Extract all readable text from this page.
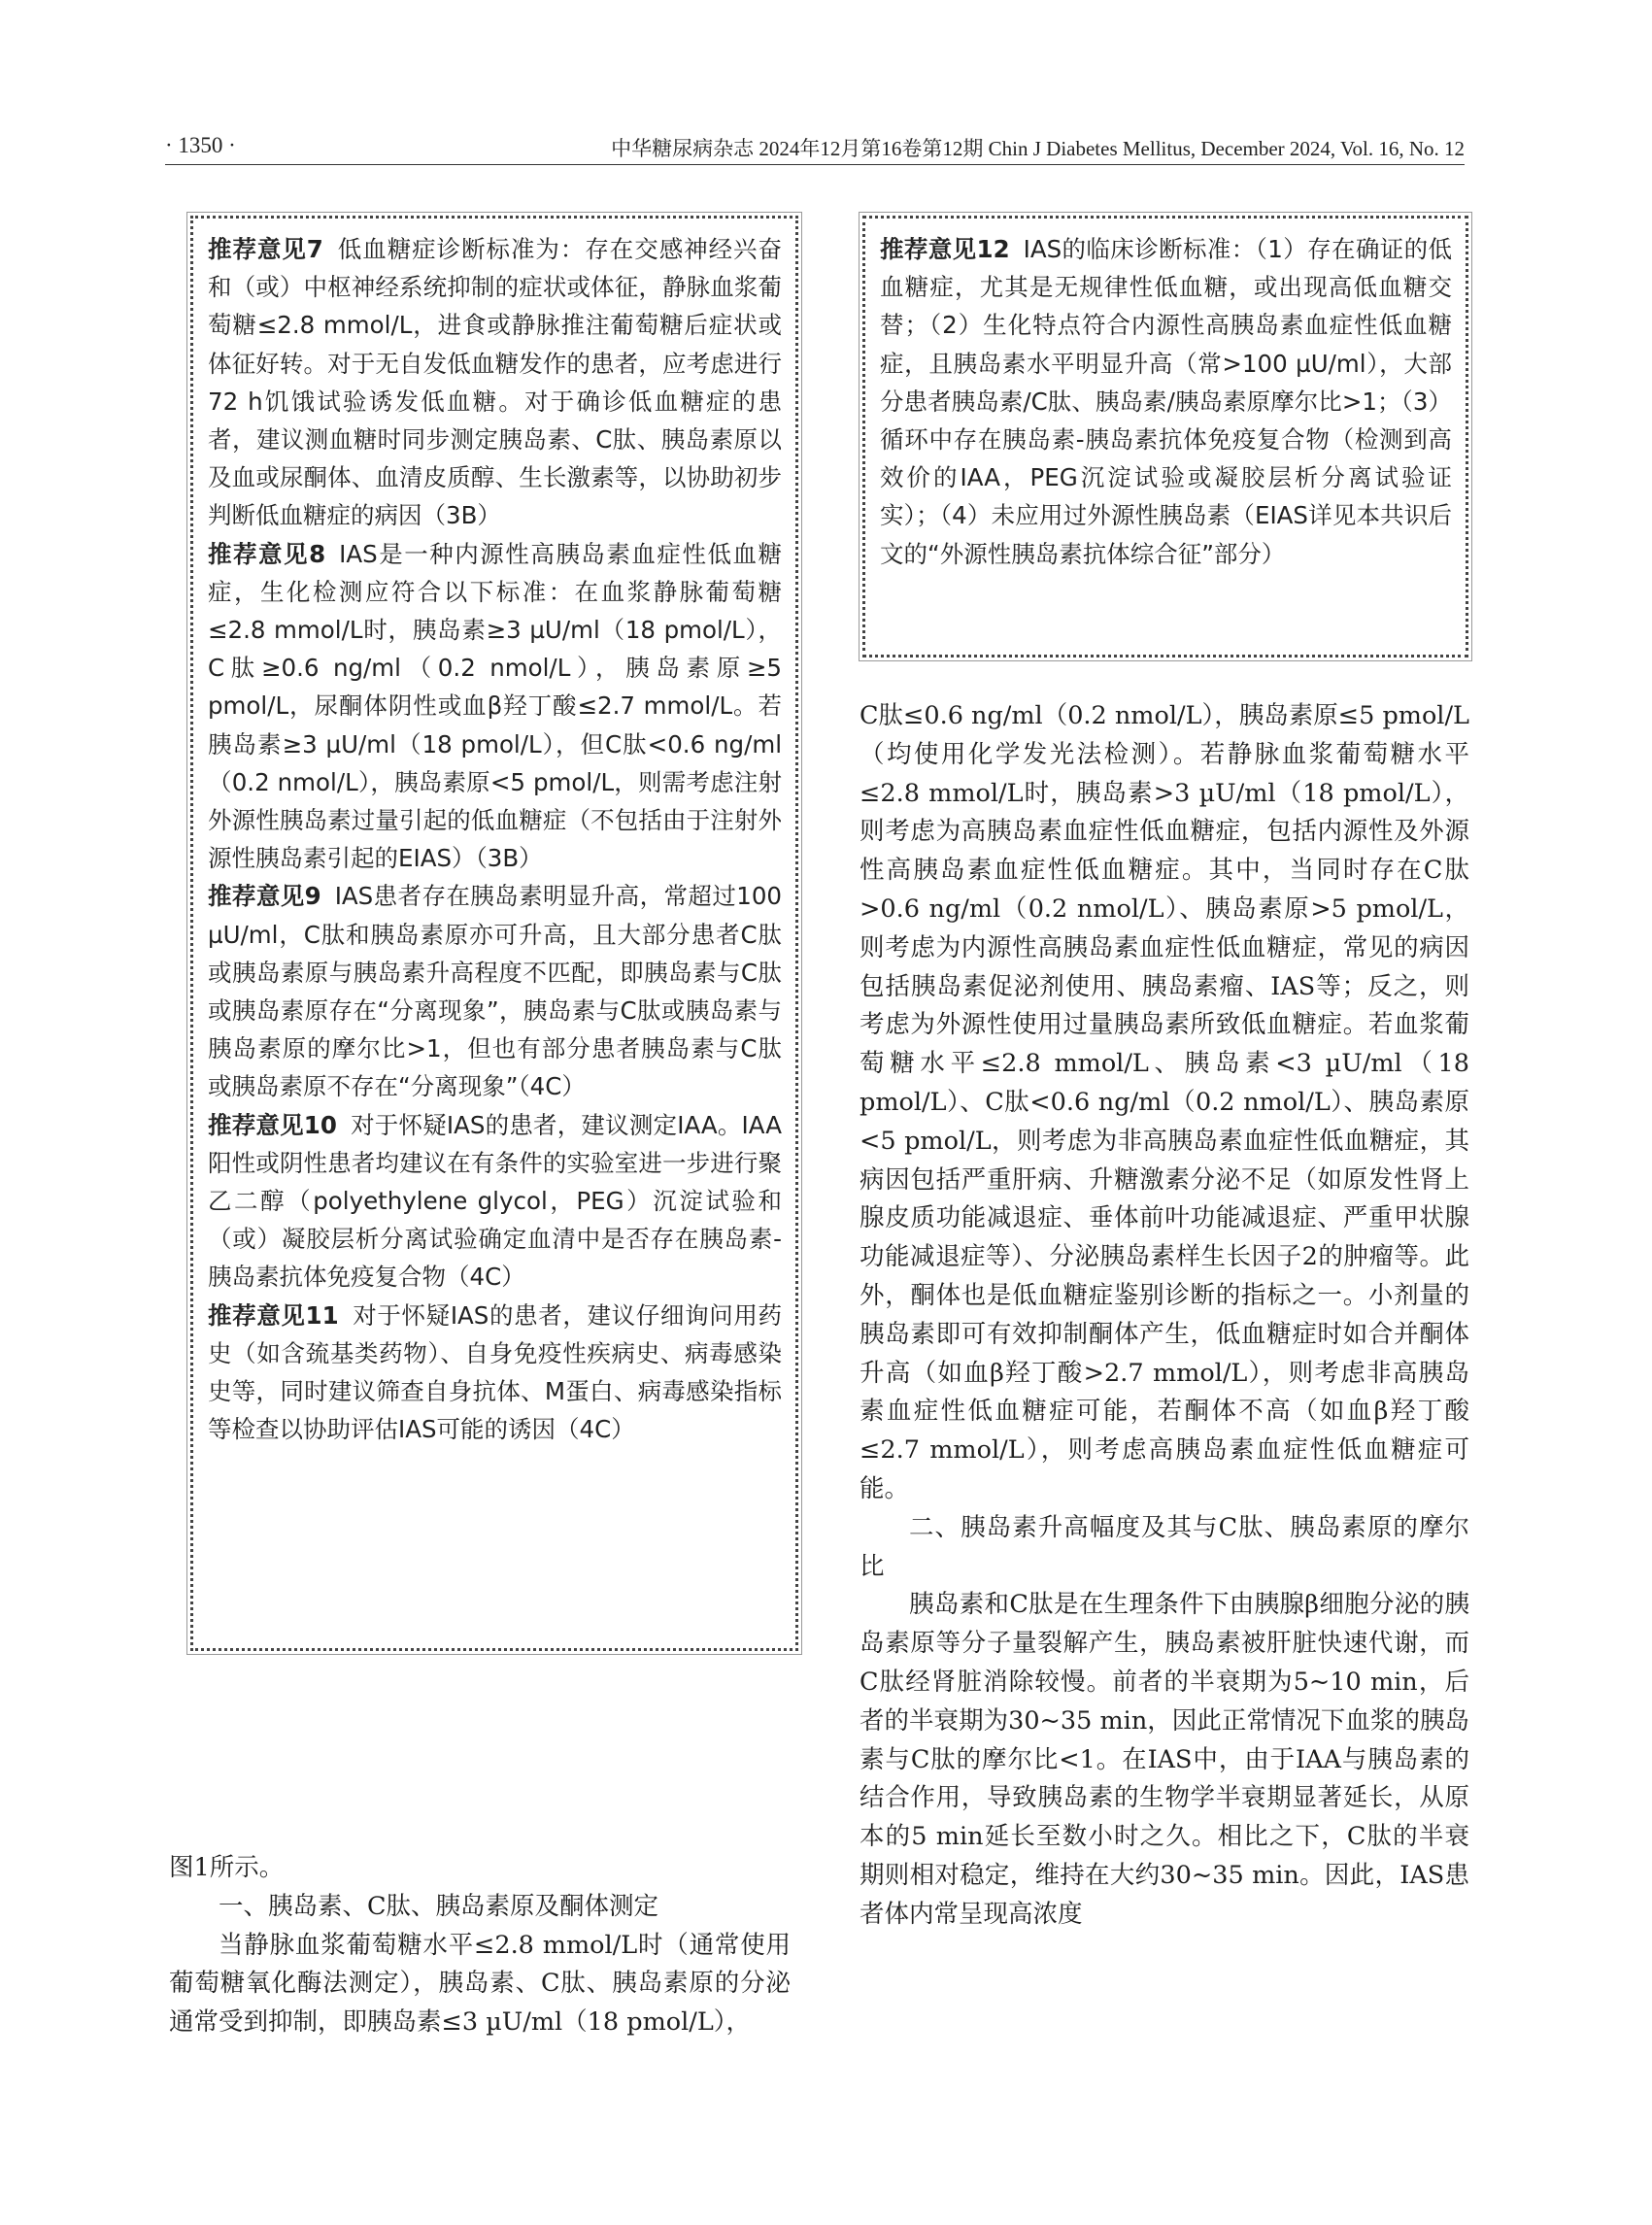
· 1350 ·	中华糖尿病杂志 2024年12月第16卷第12期 Chin J Diabetes Mellitus, December 2024, Vol. 16, No. 12

推荐意见7 低血糖症诊断标准为：存在交感神经兴奋和（或）中枢神经系统抑制的症状或体征，静脉血浆葡萄糖≤2.8 mmol/L，进食或静脉推注葡萄糖后症状或体征好转。对于无自发低血糖发作的患者，应考虑进行72 h饥饿试验诱发低血糖。对于确诊低血糖症的患者，建议测血糖时同步测定胰岛素、C肽、胰岛素原以及血或尿酮体、血清皮质醇、生长激素等，以协助初步判断低血糖症的病因（3B）

推荐意见8 IAS是一种内源性高胰岛素血症性低血糖症，生化检测应符合以下标准：在血浆静脉葡萄糖≤2.8 mmol/L时，胰岛素≥3 µU/ml（18 pmol/L），C肽≥0.6 ng/ml（0.2 nmol/L），胰岛素原≥5 pmol/L，尿酮体阴性或血β羟丁酸≤2.7 mmol/L。若胰岛素≥3 µU/ml（18 pmol/L），但C肽<0.6 ng/ml（0.2 nmol/L），胰岛素原<5 pmol/L，则需考虑注射外源性胰岛素过量引起的低血糖症（不包括由于注射外源性胰岛素引起的EIAS）（3B）

推荐意见9 IAS患者存在胰岛素明显升高，常超过100 µU/ml，C肽和胰岛素原亦可升高，且大部分患者C肽或胰岛素原与胰岛素升高程度不匹配，即胰岛素与C肽或胰岛素原存在“分离现象”，胰岛素与C肽或胰岛素与胰岛素原的摩尔比>1，但也有部分患者胰岛素与C肽或胰岛素原不存在“分离现象”（4C）

推荐意见10 对于怀疑IAS的患者，建议测定IAA。IAA阳性或阴性患者均建议在有条件的实验室进一步进行聚乙二醇（polyethylene glycol，PEG）沉淀试验和（或）凝胶层析分离试验确定血清中是否存在胰岛素-胰岛素抗体免疫复合物（4C）

推荐意见11 对于怀疑IAS的患者，建议仔细询问用药史（如含巯基类药物）、自身免疫性疾病史、病毒感染史等，同时建议筛查自身抗体、M蛋白、病毒感染指标等检查以协助评估IAS可能的诱因（4C）

推荐意见12 IAS的临床诊断标准：（1）存在确证的低血糖症，尤其是无规律性低血糖，或出现高低血糖交替；（2）生化特点符合内源性高胰岛素血症性低血糖症，且胰岛素水平明显升高（常>100 µU/ml），大部分患者胰岛素/C肽、胰岛素/胰岛素原摩尔比>1；（3）循环中存在胰岛素-胰岛素抗体免疫复合物（检测到高效价的IAA，PEG沉淀试验或凝胶层析分离试验证实）；（4）未应用过外源性胰岛素（EIAS详见本共识后文的“外源性胰岛素抗体综合征”部分）

C肽≤0.6 ng/ml（0.2 nmol/L），胰岛素原≤5 pmol/L（均使用化学发光法检测）。若静脉血浆葡萄糖水平≤2.8 mmol/L时，胰岛素>3 µU/ml（18 pmol/L），则考虑为高胰岛素血症性低血糖症，包括内源性及外源性高胰岛素血症性低血糖症。其中，当同时存在C肽>0.6 ng/ml（0.2 nmol/L）、胰岛素原>5 pmol/L，则考虑为内源性高胰岛素血症性低血糖症，常见的病因包括胰岛素促泌剂使用、胰岛素瘤、IAS等；反之，则考虑为外源性使用过量胰岛素所致低血糖症。若血浆葡萄糖水平≤2.8 mmol/L、胰岛素<3 µU/ml（18 pmol/L）、C肽<0.6 ng/ml（0.2 nmol/L）、胰岛素原<5 pmol/L，则考虑为非高胰岛素血症性低血糖症，其病因包括严重肝病、升糖激素分泌不足（如原发性肾上腺皮质功能减退症、垂体前叶功能减退症、严重甲状腺功能减退症等）、分泌胰岛素样生长因子2的肿瘤等。此外，酮体也是低血糖症鉴别诊断的指标之一。小剂量的胰岛素即可有效抑制酮体产生，低血糖症时如合并酮体升高（如血β羟丁酸>2.7 mmol/L），则考虑非高胰岛素血症性低血糖症可能，若酮体不高（如血β羟丁酸≤2.7 mmol/L），则考虑高胰岛素血症性低血糖症可能。

二、胰岛素升高幅度及其与C肽、胰岛素原的摩尔比

胰岛素和C肽是在生理条件下由胰腺β细胞分泌的胰岛素原等分子量裂解产生，胰岛素被肝脏快速代谢，而C肽经肾脏消除较慢。前者的半衰期为5~10 min，后者的半衰期为30~35 min，因此正常情况下血浆的胰岛素与C肽的摩尔比<1。在IAS中，由于IAA与胰岛素的结合作用，导致胰岛素的生物学半衰期显著延长，从原本的5 min延长至数小时之久。相比之下，C肽的半衰期则相对稳定，维持在大约30~35 min。因此，IAS患者体内常呈现高浓度

图1所示。

一、胰岛素、C肽、胰岛素原及酮体测定

当静脉血浆葡萄糖水平≤2.8 mmol/L时（通常使用葡萄糖氧化酶法测定），胰岛素、C肽、胰岛素原的分泌通常受到抑制，即胰岛素≤3 µU/ml（18 pmol/L），
